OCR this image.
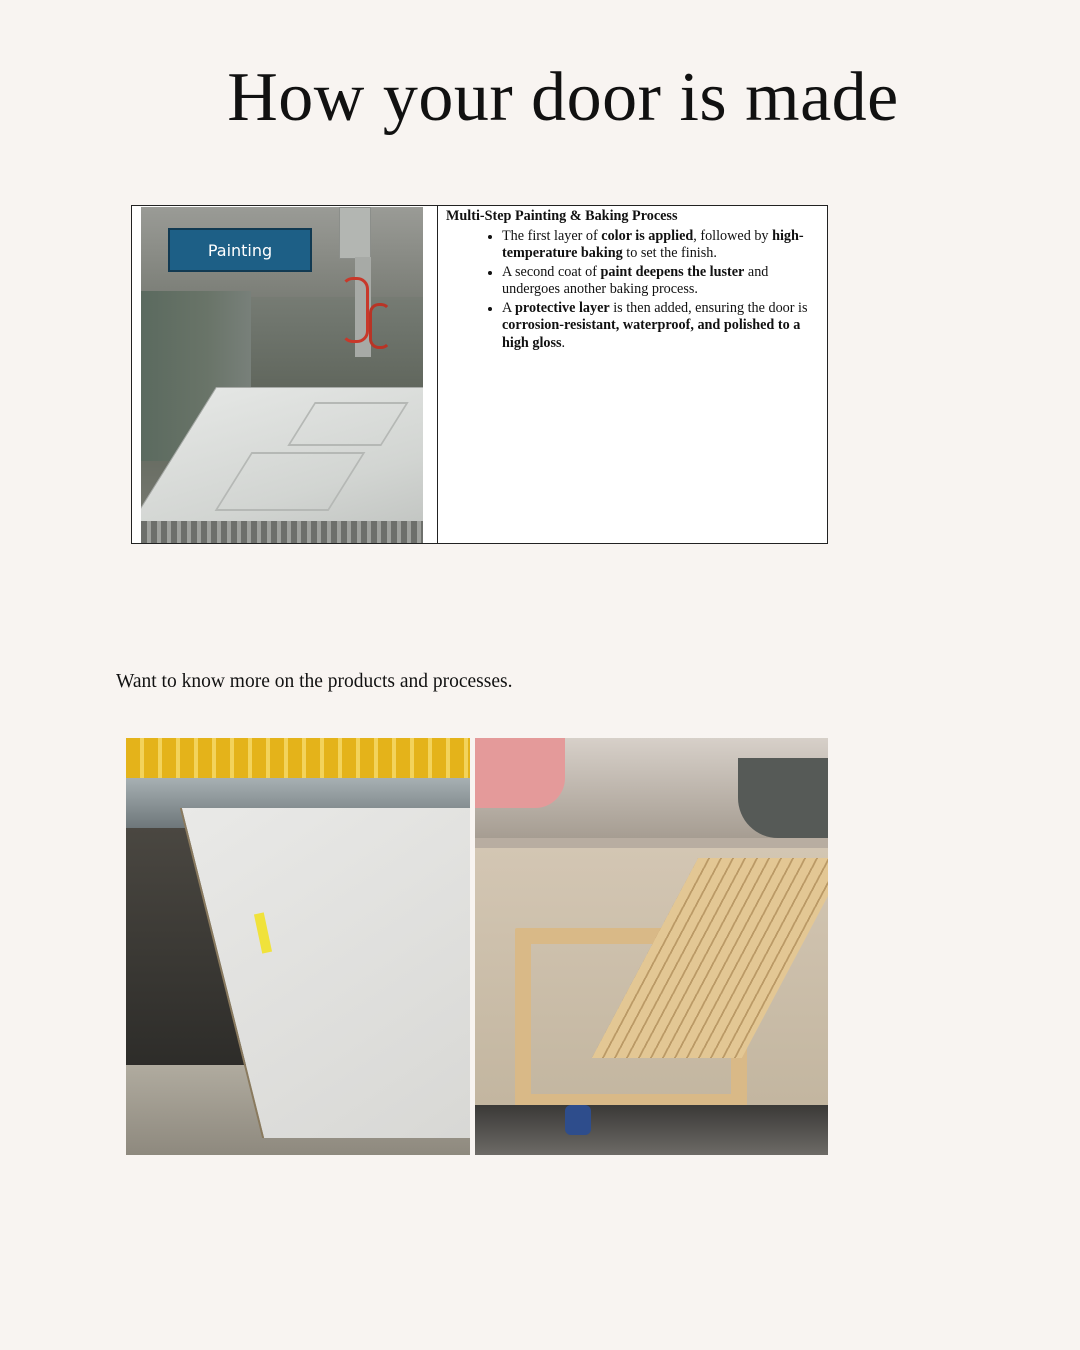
How your door is made
Painting
Multi-Step Painting & Baking Process
• The first layer of color is applied, followed by high-temperature baking to set the finish.
• A second coat of paint deepens the luster and undergoes another baking process.
• A protective layer is then added, ensuring the door is corrosion-resistant, waterproof, and polished to a high gloss.

Want to know more on the products and processes.
